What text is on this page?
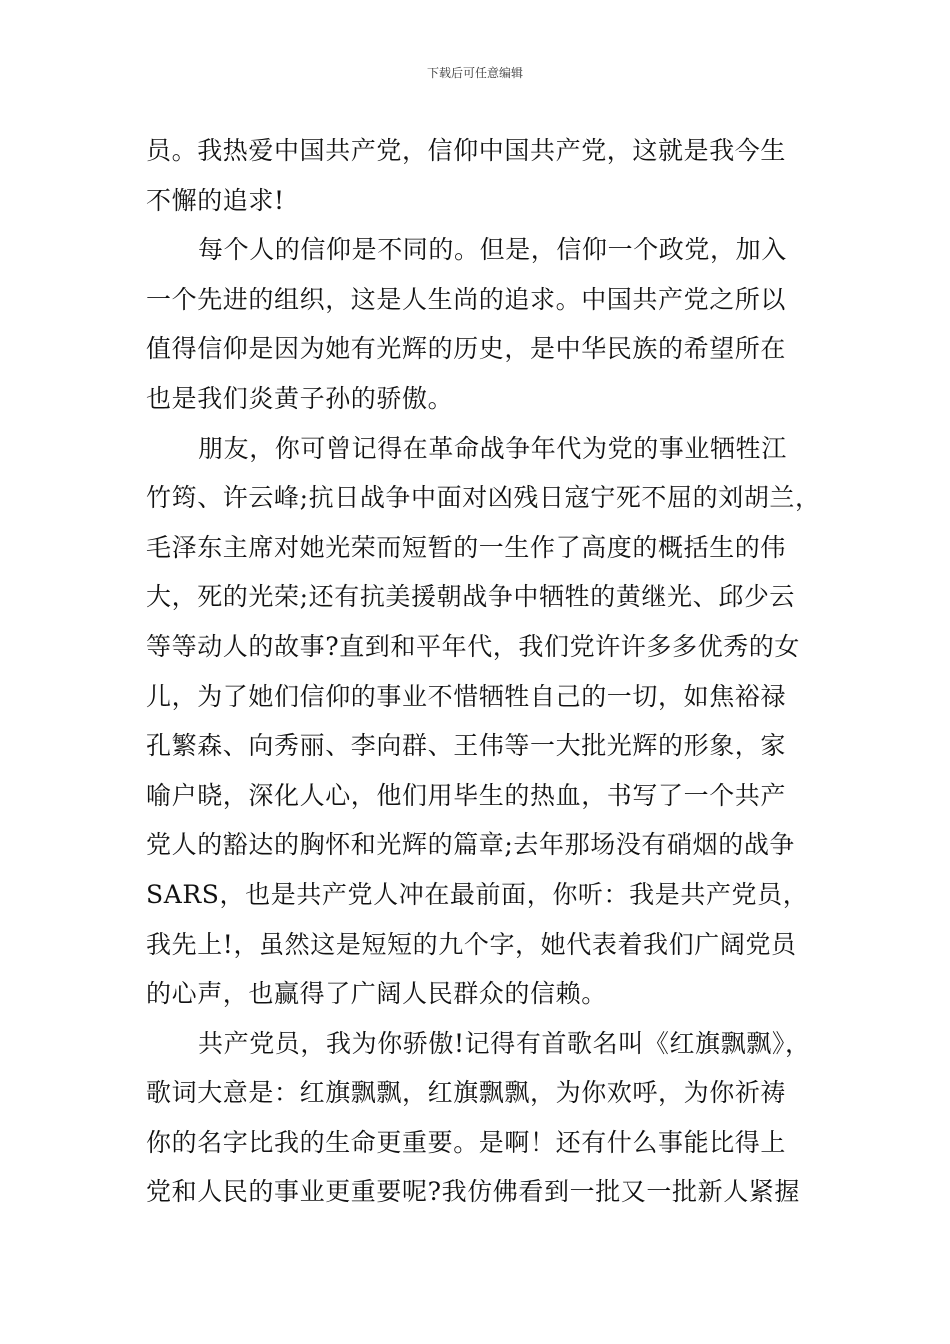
下载后可任意编辑
员。我热爱中国共产党，信仰中国共产党，这就是我今生
不懈的追求!
每个人的信仰是不同的。但是，信仰一个政党，加入
一个先进的组织，这是人生尚的追求。中国共产党之所以
值得信仰是因为她有光辉的历史，是中华民族的希望所在
也是我们炎黄子孙的骄傲。
朋友，你可曾记得在革命战争年代为党的事业牺牲江
竹筠、许云峰;抗日战争中面对凶残日寇宁死不屈的刘胡兰，
毛泽东主席对她光荣而短暂的一生作了高度的概括生的伟
大，死的光荣;还有抗美援朝战争中牺牲的黄继光、邱少云
等等动人的故事?直到和平年代，我们党许许多多优秀的女
儿，为了她们信仰的事业不惜牺牲自己的一切，如焦裕禄
孔繁森、向秀丽、李向群、王伟等一大批光辉的形象，家
喻户晓，深化人心，他们用毕生的热血，书写了一个共产
党人的豁达的胸怀和光辉的篇章;去年那场没有硝烟的战争
SARS，也是共产党人冲在最前面，你听：我是共产党员，
我先上!，虽然这是短短的九个字，她代表着我们广阔党员
的心声，也赢得了广阔人民群众的信赖。
共产党员，我为你骄傲!记得有首歌名叫《红旗飘飘》，
歌词大意是：红旗飘飘，红旗飘飘，为你欢呼，为你祈祷
你的名字比我的生命更重要。是啊！还有什么事能比得上
党和人民的事业更重要呢?我仿佛看到一批又一批新人紧握
